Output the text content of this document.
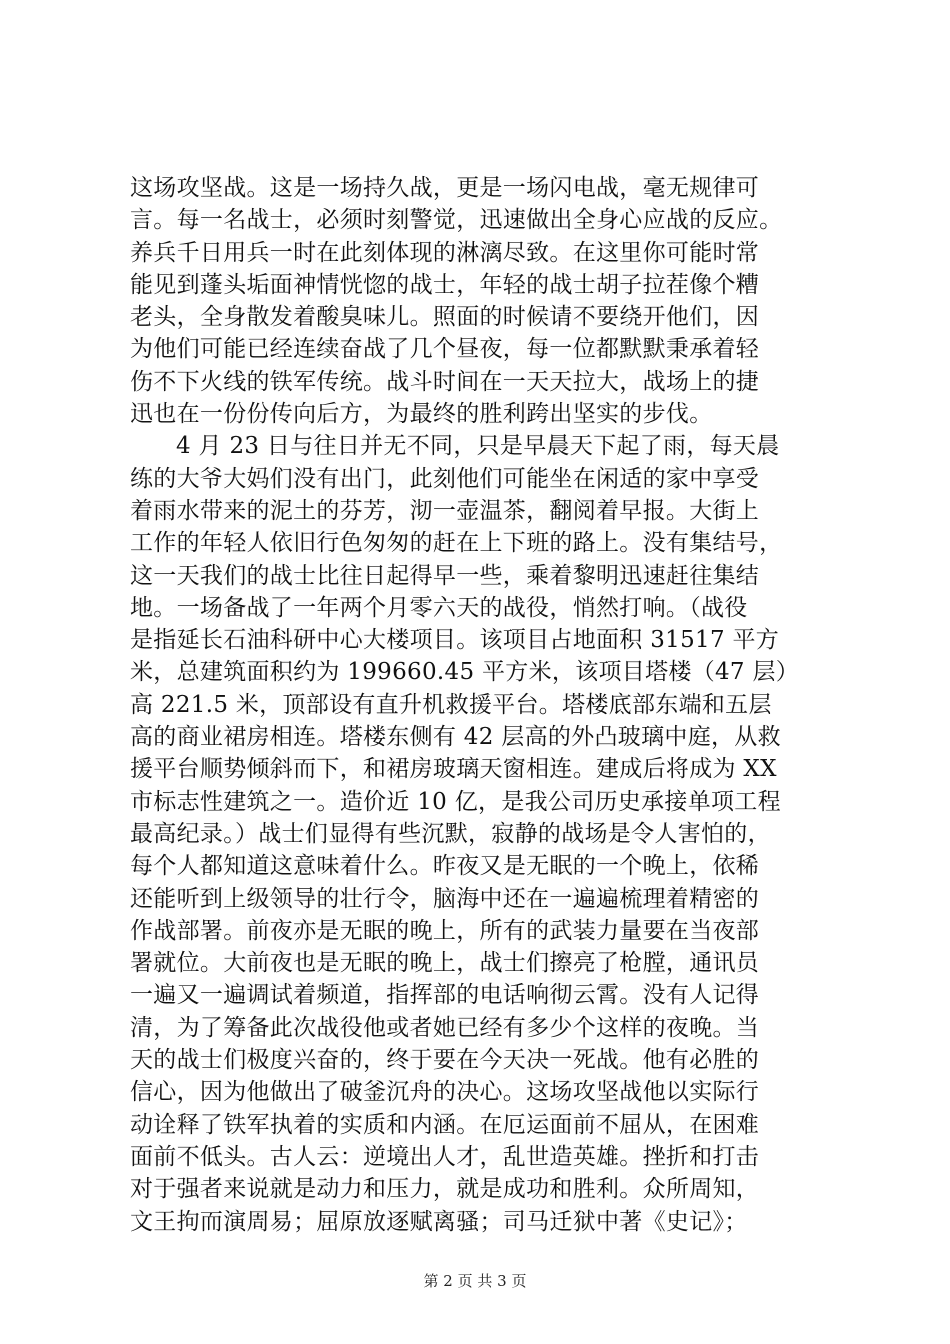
这场攻坚战。这是一场持久战，更是一场闪电战，毫无规律可
言。每一名战士，必须时刻警觉，迅速做出全身心应战的反应。
养兵千日用兵一时在此刻体现的淋漓尽致。在这里你可能时常
能见到蓬头垢面神情恍惚的战士，年轻的战士胡子拉茬像个糟
老头，全身散发着酸臭味儿。照面的时候请不要绕开他们，因
为他们可能已经连续奋战了几个昼夜，每一位都默默秉承着轻
伤不下火线的铁军传统。战斗时间在一天天拉大，战场上的捷
迅也在一份份传向后方，为最终的胜利跨出坚实的步伐。
4 月 23 日与往日并无不同，只是早晨天下起了雨，每天晨
练的大爷大妈们没有出门，此刻他们可能坐在闲适的家中享受
着雨水带来的泥土的芬芳，沏一壶温茶，翻阅着早报。大街上
工作的年轻人依旧行色匆匆的赶在上下班的路上。没有集结号，
这一天我们的战士比往日起得早一些，乘着黎明迅速赶往集结
地。一场备战了一年两个月零六天的战役，悄然打响。（战役
是指延长石油科研中心大楼项目。该项目占地面积 31517 平方
米，总建筑面积约为 199660.45 平方米，该项目塔楼（47 层）
高 221.5 米，顶部设有直升机救援平台。塔楼底部东端和五层
高的商业裙房相连。塔楼东侧有 42 层高的外凸玻璃中庭，从救
援平台顺势倾斜而下，和裙房玻璃天窗相连。建成后将成为 XX
市标志性建筑之一。造价近 10 亿，是我公司历史承接单项工程
最高纪录。）战士们显得有些沉默，寂静的战场是令人害怕的，
每个人都知道这意味着什么。昨夜又是无眠的一个晚上，依稀
还能听到上级领导的壮行令，脑海中还在一遍遍梳理着精密的
作战部署。前夜亦是无眠的晚上，所有的武装力量要在当夜部
署就位。大前夜也是无眠的晚上，战士们擦亮了枪膛，通讯员
一遍又一遍调试着频道，指挥部的电话响彻云霄。没有人记得
清，为了筹备此次战役他或者她已经有多少个这样的夜晚。当
天的战士们极度兴奋的，终于要在今天决一死战。他有必胜的
信心，因为他做出了破釜沉舟的决心。这场攻坚战他以实际行
动诠释了铁军执着的实质和内涵。在厄运面前不屈从，在困难
面前不低头。古人云：逆境出人才，乱世造英雄。挫折和打击
对于强者来说就是动力和压力，就是成功和胜利。众所周知，
文王拘而演周易；屈原放逐赋离骚；司马迁狱中著《史记》；
第 2 页 共 3 页
